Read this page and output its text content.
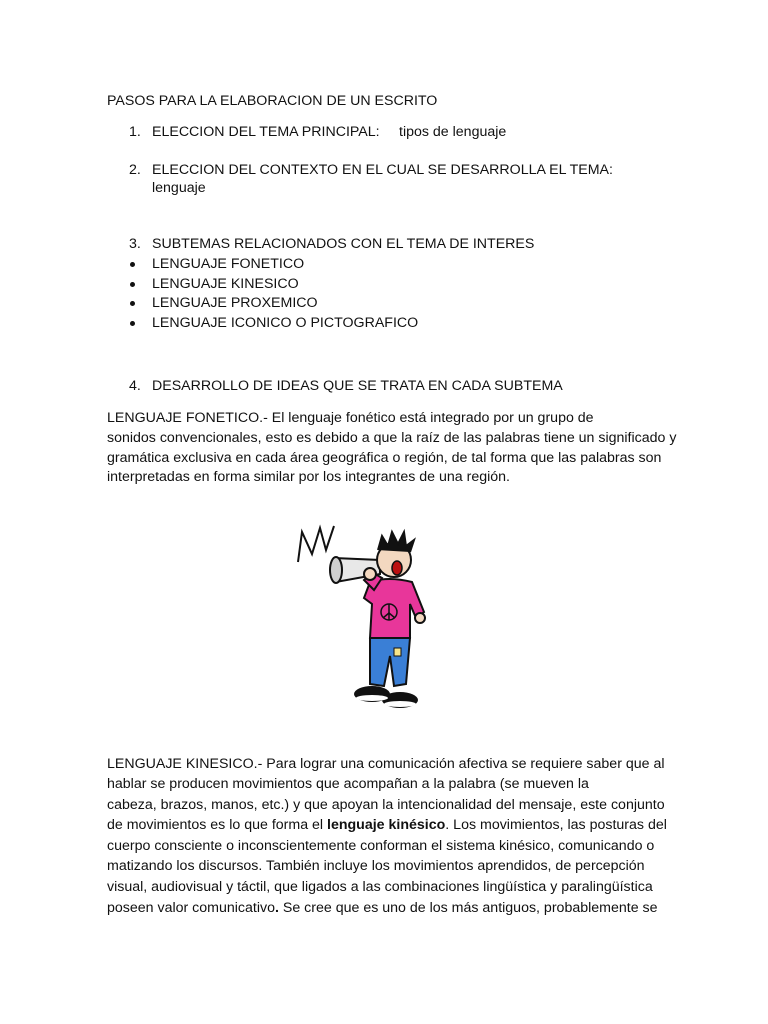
PASOS PARA LA ELABORACION DE UN ESCRITO
1. ELECCION DEL TEMA PRINCIPAL: tipos de lenguaje
2. ELECCION DEL CONTEXTO EN EL CUAL SE DESARROLLA EL TEMA:
lenguaje
3. SUBTEMAS RELACIONADOS CON EL TEMA DE INTERES
LENGUAJE FONETICO
LENGUAJE KINESICO
LENGUAJE PROXEMICO
LENGUAJE ICONICO O PICTOGRAFICO
4. DESARROLLO DE IDEAS QUE SE TRATA EN CADA SUBTEMA
LENGUAJE FONETICO.- El lenguaje fonético está integrado por un grupo de
sonidos convencionales, esto es debido a que la raíz de las palabras tiene un significado y
gramática exclusiva en cada área geográfica o región, de tal forma que las palabras son
interpretadas en forma similar por los integrantes de una región.
LENGUAJE KINESICO.- Para lograr una comunicación afectiva se requiere saber que al
hablar se producen movimientos que acompañan a la palabra (se mueven la
cabeza, brazos, manos, etc.) y que apoyan la intencionalidad del mensaje, este conjunto
de movimientos es lo que forma el lenguaje kinésico. Los movimientos, las posturas del
cuerpo consciente o inconscientemente conforman el sistema kinésico, comunicando o
matizando los discursos. También incluye los movimientos aprendidos, de percepción
visual, audiovisual y táctil, que ligados a las combinaciones lingüística y paralingüística
poseen valor comunicativo. Se cree que es uno de los más antiguos, probablemente se
